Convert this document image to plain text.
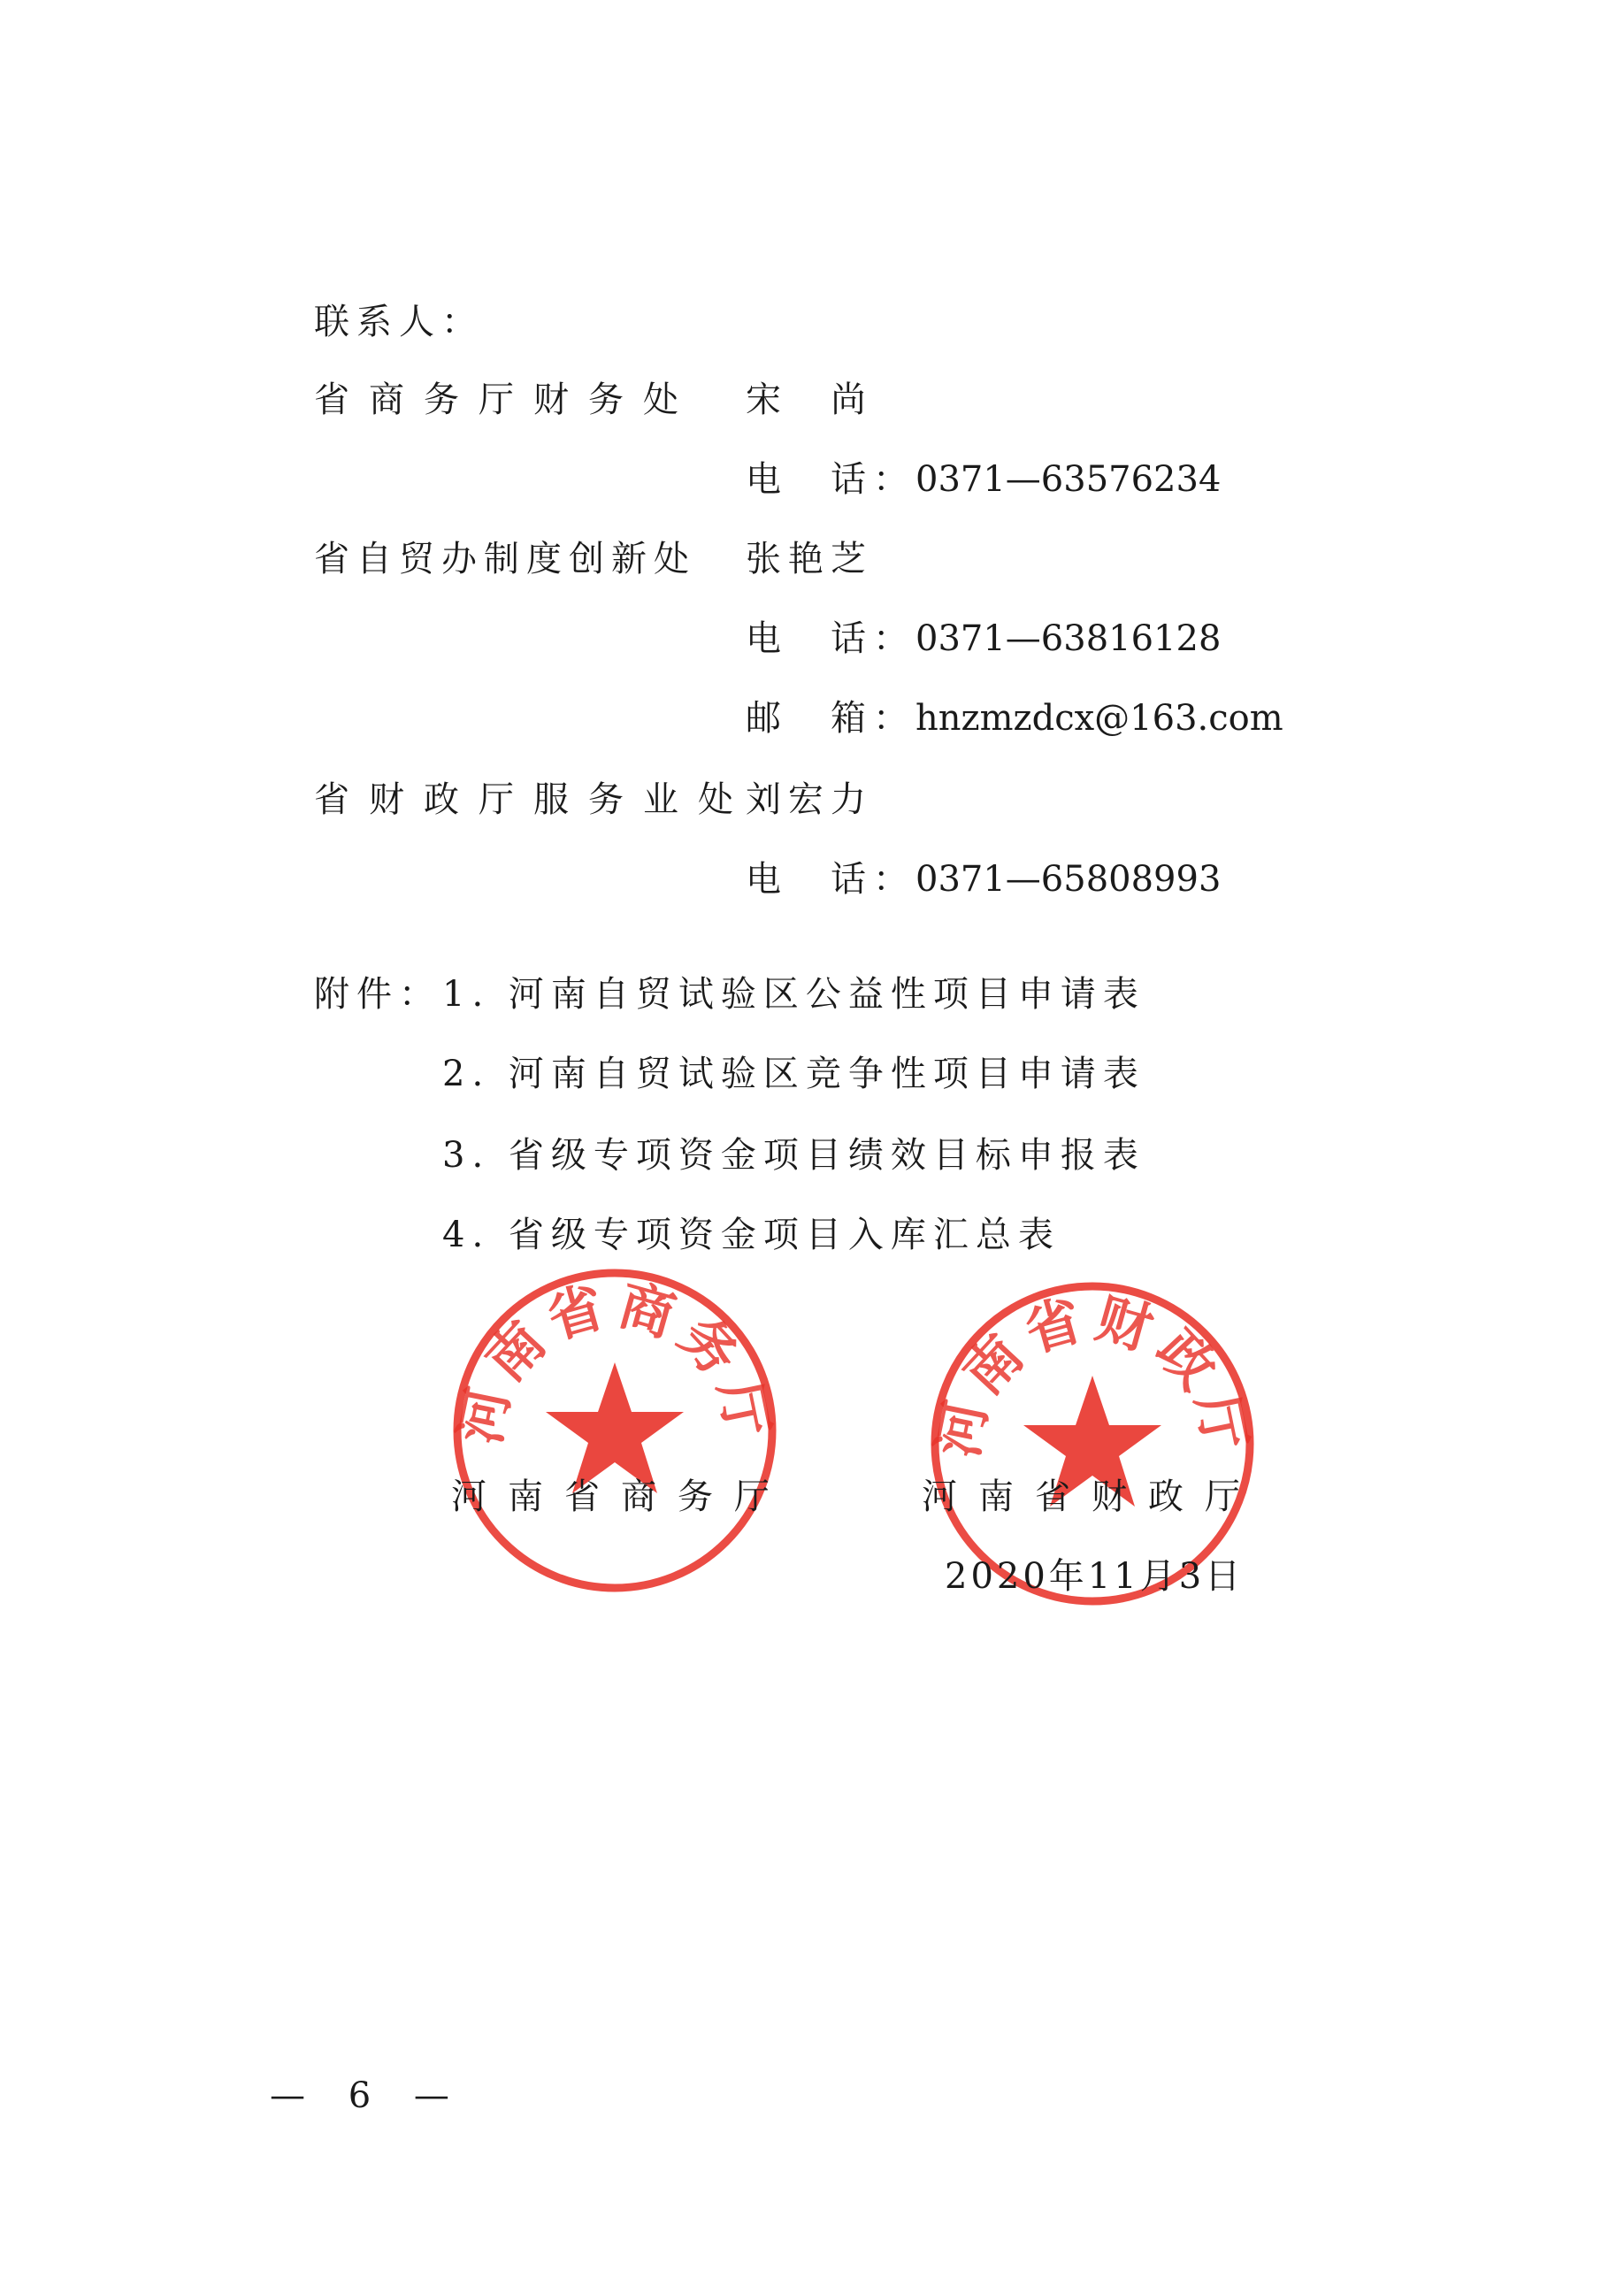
联系人：
省商务厅财务处 宋　尚
电　话：0371—63576234
省自贸办制度创新处 张艳芝
电　话：0371—63816128
邮　箱：hnzmzdcx@163.com
省财政厅服务业处
刘宏力
电　话：0371—65808993
附件： 1. 河南自贸试验区公益性项目申请表
2. 河南自贸试验区竞争性项目申请表
3. 省级专项资金项目绩效目标申报表
4. 省级专项资金项目入库汇总表
河南省商务厅	河南省财政厅
河南省商务厅	河南省财政厅
2020年11月3日
— 6 —
